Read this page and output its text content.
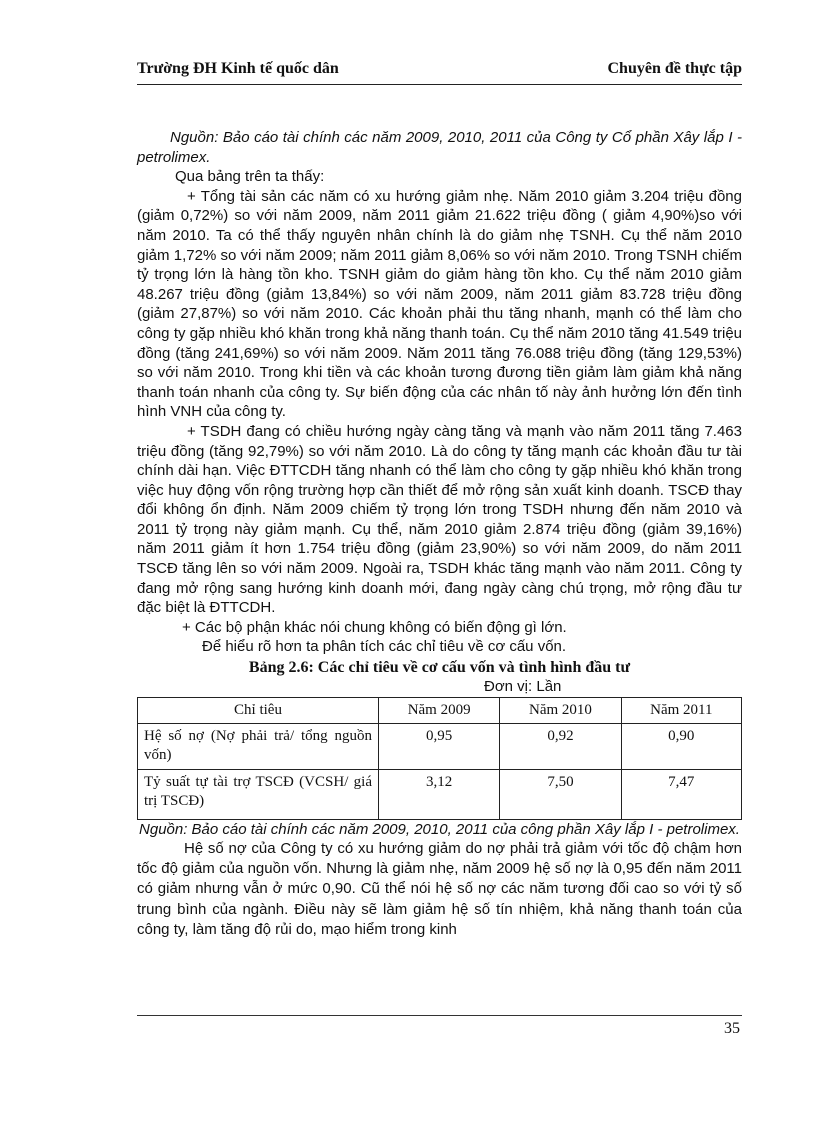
Trường ĐH Kinh tế quốc dân	Chuyên đề thực tập

Nguồn: Bảo cáo tài chính các năm 2009, 2010, 2011 của Công ty Cổ phần Xây lắp I - petrolimex.

Qua bảng trên ta thấy:

+ Tổng tài sản các năm có xu hướng giảm nhẹ. Năm 2010 giảm 3.204 triệu đồng (giảm 0,72%) so với năm 2009, năm 2011 giảm 21.622 triệu đồng ( giảm 4,90%)so với năm 2010. Ta có thể thấy nguyên nhân chính là do giảm nhẹ TSNH. Cụ thể năm 2010 giảm 1,72% so với năm 2009; năm 2011 giảm 8,06% so với năm 2010. Trong TSNH chiếm tỷ trọng lớn là hàng tồn kho. TSNH giảm do giảm hàng tồn kho. Cụ thể năm 2010 giảm 48.267 triệu đồng (giảm 13,84%) so với năm 2009, năm 2011 giảm 83.728 triệu đồng (giảm 27,87%) so với năm 2010. Các khoản phải thu tăng nhanh, mạnh có thể làm cho công ty gặp nhiều khó khăn trong khả năng thanh toán. Cụ thể năm 2010 tăng 41.549 triệu đồng (tăng 241,69%) so với năm 2009. Năm 2011 tăng 76.088 triệu đồng (tăng 129,53%) so với năm 2010. Trong khi tiền và các khoản tương đương tiền giảm làm giảm khả năng thanh toán nhanh của công ty. Sự biến động của các nhân tố này ảnh hưởng lớn đến tình hình VNH của công ty.

+ TSDH đang có chiều hướng ngày càng tăng và mạnh vào năm 2011 tăng 7.463 triệu đồng (tăng 92,79%) so với năm 2010. Là do công ty tăng mạnh các khoản đầu tư tài chính dài hạn. Việc ĐTTCDH tăng nhanh có thể làm cho công ty gặp nhiều khó khăn trong việc huy động vốn rộng trường hợp cần thiết để mở rộng sản xuất kinh doanh. TSCĐ thay đổi không ổn định. Năm 2009 chiếm tỷ trọng lớn trong TSDH nhưng đến năm 2010 và 2011 tỷ trọng này giảm mạnh. Cụ thể, năm 2010 giảm 2.874 triệu đồng (giảm 39,16%) năm 2011 giảm ít hơn 1.754 triệu đồng (giảm 23,90%) so với năm 2009, do năm 2011 TSCĐ tăng lên so với năm 2009. Ngoài ra, TSDH khác tăng mạnh vào năm 2011. Công ty đang mở rộng sang hướng kinh doanh mới, đang ngày càng chú trọng, mở rộng đầu tư đặc biệt là ĐTTCDH.

+ Các bộ phận khác nói chung không có biến động gì lớn.

Để hiểu rõ hơn ta phân tích các chỉ tiêu về cơ cấu vốn.

Bảng 2.6: Các chỉ tiêu về cơ cấu vốn và tình hình đầu tư

Đơn vị: Lần

Chỉ tiêu	Năm 2009	Năm 2010	Năm 2011
Hệ số nợ (Nợ phải trả/ tổng nguồn vốn)	0,95	0,92	0,90
Tỷ suất tự tài trợ TSCĐ (VCSH/ giá trị TSCĐ)	3,12	7,50	7,47

Nguồn: Bảo cáo tài chính các năm 2009, 2010, 2011 của công phần Xây lắp I - petrolimex.

Hệ số nợ của Công ty có xu hướng giảm do nợ phải trả giảm với tốc độ chậm hơn tốc độ giảm của nguồn vốn. Nhưng là giảm nhẹ, năm 2009 hệ số nợ là 0,95 đến năm 2011 có giảm nhưng vẫn ở mức 0,90. Cũ thể nói hệ số nợ các năm tương đối cao so với tỷ số trung bình của ngành. Điều này sẽ làm giảm hệ số tín nhiệm, khả năng thanh toán của công ty, làm tăng độ rủi do, mạo hiểm trong kinh

35
